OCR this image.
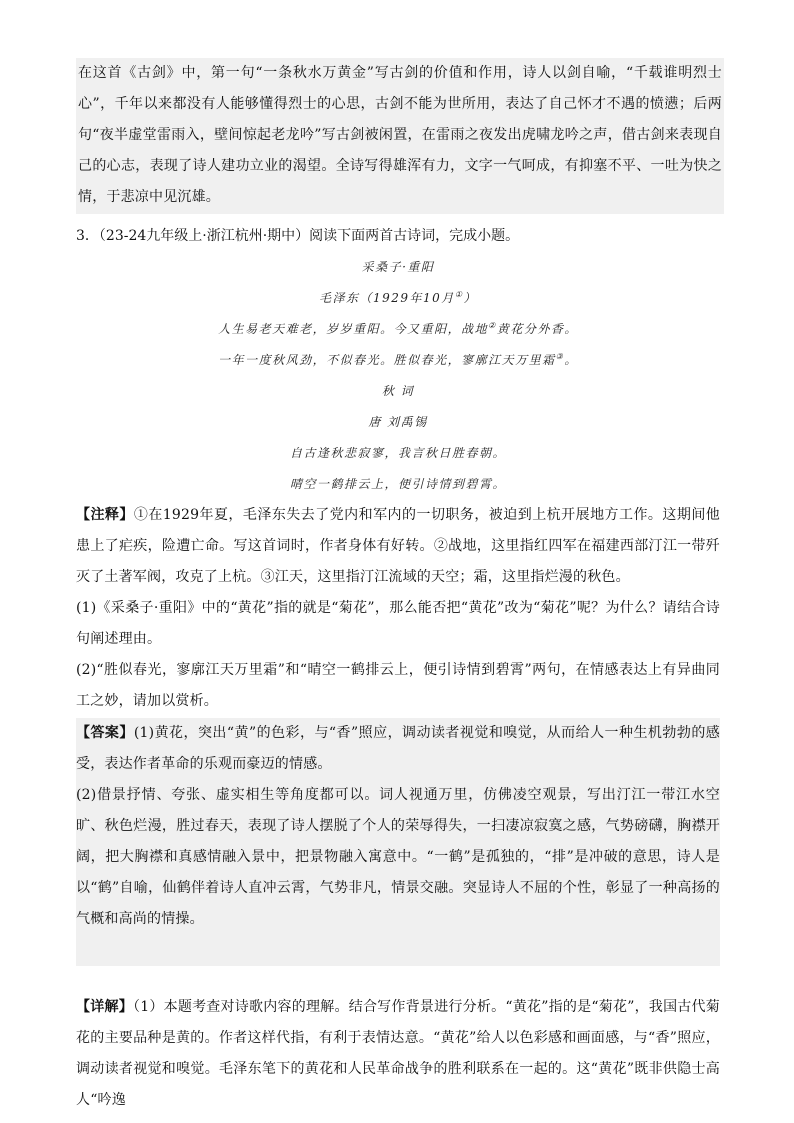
在这首《古剑》中，第一句“一条秋水万黄金”写古剑的价值和作用，诗人以剑自喻，“千载谁明烈士心”，千年以来都没有人能够懂得烈士的心思，古剑不能为世所用，表达了自己怀才不遇的愤懑；后两句“夜半虚堂雷雨入，壁间惊起老龙吟”写古剑被闲置，在雷雨之夜发出虎啸龙吟之声，借古剑来表现自己的心志，表现了诗人建功立业的渴望。全诗写得雄浑有力，文字一气呵成，有抑塞不平、一吐为快之情，于悲凉中见沉雄。

3．（23-24九年级上·浙江杭州·期中）阅读下面两首古诗词，完成小题。

采桑子·重阳

毛泽东（1929年10月①）

人生易老天难老，岁岁重阳。今又重阳，战地②黄花分外香。

一年一度秋风劲，不似春光。胜似春光，寥廓江天万里霜③。

秋 词

唐 刘禹锡

自古逢秋悲寂寥，我言秋日胜春朝。

晴空一鹤排云上，便引诗情到碧霄。

【注释】①在1929年夏，毛泽东失去了党内和军内的一切职务，被迫到上杭开展地方工作。这期间他患上了疟疾，险遭亡命。写这首词时，作者身体有好转。②战地，这里指红四军在福建西部汀江一带歼灭了土著军阀，攻克了上杭。③江天，这里指汀江流域的天空；霜，这里指烂漫的秋色。

(1)《采桑子·重阳》中的“黄花”指的就是“菊花”，那么能否把“黄花”改为“菊花”呢？为什么？请结合诗句阐述理由。

(2)“胜似春光，寥廓江天万里霜”和“晴空一鹤排云上，便引诗情到碧霄”两句，在情感表达上有异曲同工之妙，请加以赏析。

【答案】(1)黄花，突出“黄”的色彩，与“香”照应，调动读者视觉和嗅觉，从而给人一种生机勃勃的感受，表达作者革命的乐观而豪迈的情感。

(2)借景抒情、夸张、虚实相生等角度都可以。词人视通万里，仿佛凌空观景，写出汀江一带江水空旷、秋色烂漫，胜过春天，表现了诗人摆脱了个人的荣辱得失，一扫凄凉寂寞之感，气势磅礴，胸襟开阔，把大胸襟和真感情融入景中，把景物融入寓意中。“一鹤”是孤独的，“排”是冲破的意思，诗人是以“鹤”自喻，仙鹤伴着诗人直冲云霄，气势非凡，情景交融。突显诗人不屈的个性，彰显了一种高扬的气概和高尚的情操。

【详解】（1）本题考查对诗歌内容的理解。结合写作背景进行分析。“黄花”指的是“菊花”，我国古代菊花的主要品种是黄的。作者这样代指，有利于表情达意。“黄花”给人以色彩感和画面感，与“香”照应，调动读者视觉和嗅觉。毛泽东笔下的黄花和人民革命战争的胜利联系在一起的。这“黄花”既非供隐士高人“吟逸
